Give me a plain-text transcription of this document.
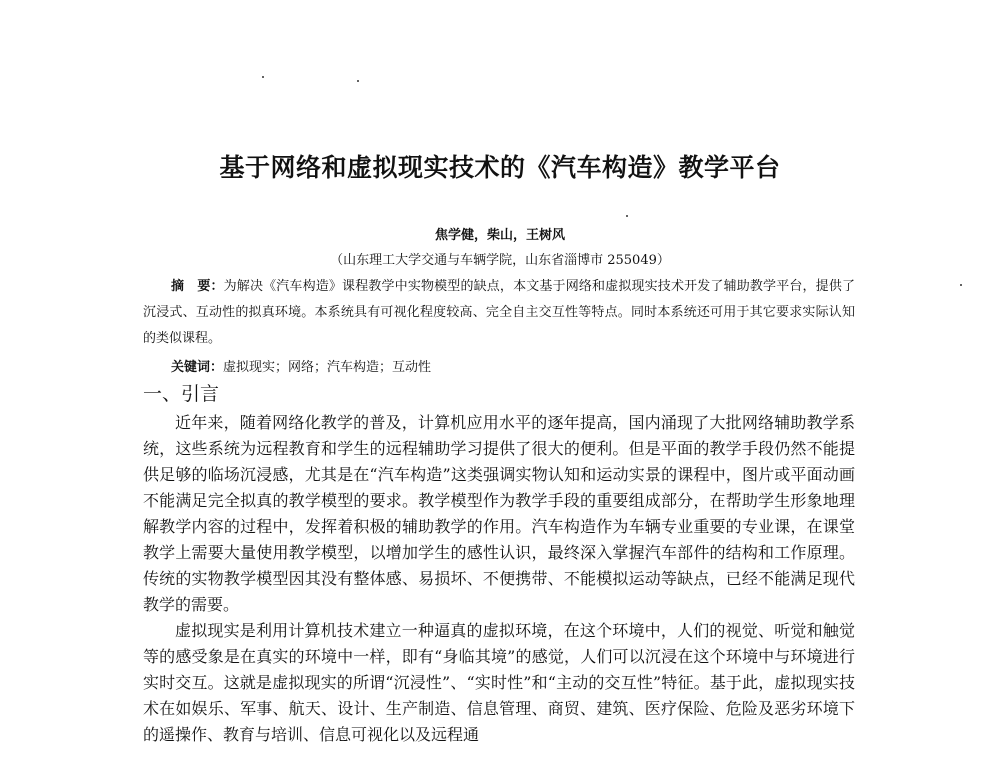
基于网络和虚拟现实技术的《汽车构造》教学平台
焦学健，柴山，王树风
（山东理工大学交通与车辆学院，山东省淄博市 255049）
摘　要：为解决《汽车构造》课程教学中实物模型的缺点，本文基于网络和虚拟现实技术开发了辅助教学平台，提供了沉浸式、互动性的拟真环境。本系统具有可视化程度较高、完全自主交互性等特点。同时本系统还可用于其它要求实际认知的类似课程。
关键词：虚拟现实；网络；汽车构造；互动性
一、引言

近年来，随着网络化教学的普及，计算机应用水平的逐年提高，国内涌现了大批网络辅助教学系统，这些系统为远程教育和学生的远程辅助学习提供了很大的便利。但是平面的教学手段仍然不能提供足够的临场沉浸感，尤其是在“汽车构造”这类强调实物认知和运动实景的课程中，图片或平面动画不能满足完全拟真的教学模型的要求。教学模型作为教学手段的重要组成部分，在帮助学生形象地理解教学内容的过程中，发挥着积极的辅助教学的作用。汽车构造作为车辆专业重要的专业课，在课堂教学上需要大量使用教学模型，以增加学生的感性认识，最终深入掌握汽车部件的结构和工作原理。传统的实物教学模型因其没有整体感、易损坏、不便携带、不能模拟运动等缺点，已经不能满足现代教学的需要。

虚拟现实是利用计算机技术建立一种逼真的虚拟环境，在这个环境中，人们的视觉、听觉和触觉等的感受象是在真实的环境中一样，即有“身临其境”的感觉，人们可以沉浸在这个环境中与环境进行实时交互。这就是虚拟现实的所谓“沉浸性”、“实时性”和“主动的交互性”特征。基于此，虚拟现实技术在如娱乐、军事、航天、设计、生产制造、信息管理、商贸、建筑、医疗保险、危险及恶劣环境下的遥操作、教育与培训、信息可视化以及远程通
